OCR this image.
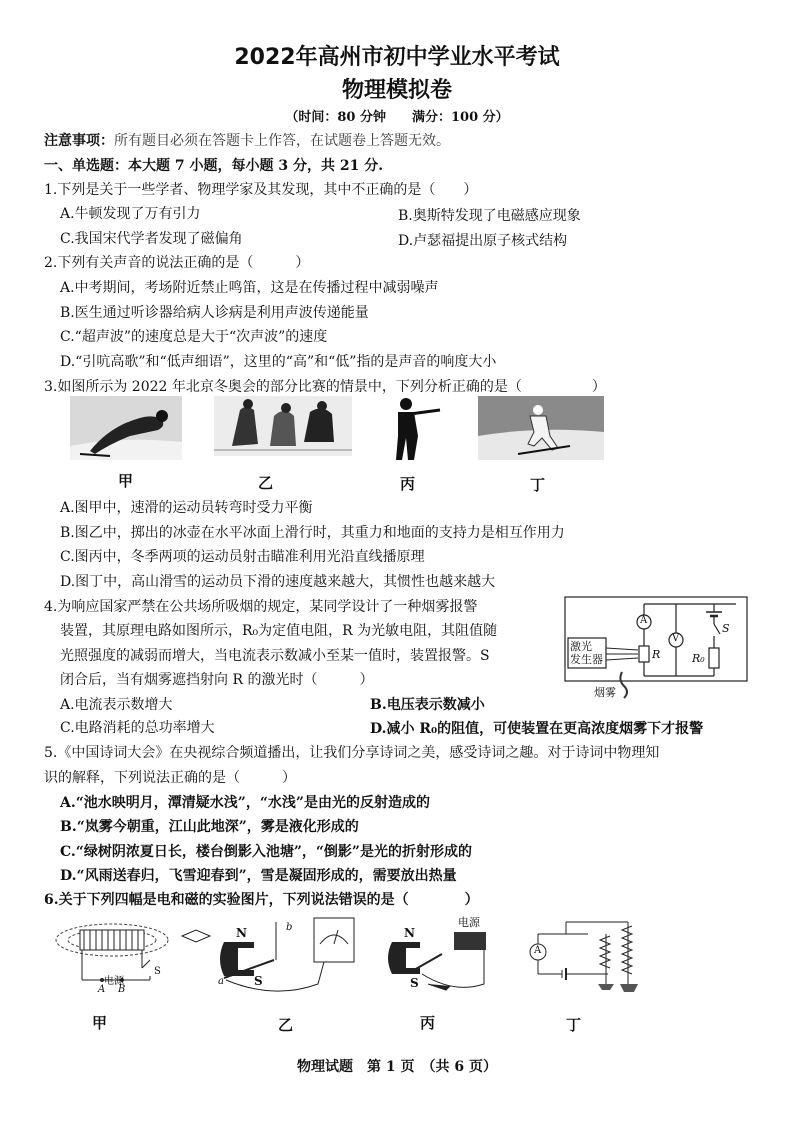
2022年高州市初中学业水平考试
物理模拟卷
（时间：80 分钟　　满分：100 分）
注意事项：所有题目必须在答题卡上作答，在试题卷上答题无效。
一、单选题：本大题 7 小题，每小题 3 分，共 21 分.
1.下列是关于一些学者、物理学家及其发现，其中不正确的是（　　）
A.牛顿发现了万有引力	B.奥斯特发现了电磁感应现象
C.我国宋代学者发现了磁偏角	D.卢瑟福提出原子核式结构
2.下列有关声音的说法正确的是（　　　）
A.中考期间，考场附近禁止鸣笛，这是在传播过程中减弱噪声
B.医生通过听诊器给病人诊病是利用声波传递能量
C.“超声波”的速度总是大于“次声波”的速度
D.“引吭高歌”和“低声细语”，这里的“高”和“低”指的是声音的响度大小
3.如图所示为 2022 年北京冬奥会的部分比赛的情景中，下列分析正确的是（　　　　　）
甲	乙	丙	丁
A.图甲中，速滑的运动员转弯时受力平衡
B.图乙中，掷出的冰壶在水平冰面上滑行时，其重力和地面的支持力是相互作用力
C.图丙中，冬季两项的运动员射击瞄准利用光沿直线播原理
D.图丁中，高山滑雪的运动员下滑的速度越来越大，其惯性也越来越大
4.为响应国家严禁在公共场所吸烟的规定，某同学设计了一种烟雾报警
装置，其原理电路如图所示，R₀为定值电阻，R 为光敏电阻，其阻值随
光照强度的减弱而增大，当电流表示数减小至某一值时，装置报警。S
闭合后，当有烟雾遮挡射向 R 的激光时（　　　）
A.电流表示数增大	B.电压表示数减小
C.电路消耗的总功率增大	D.减小 R₀的阻值，可使装置在更高浓度烟雾下才报警
激光
发生器
A
V
S
R	R₀
烟雾
5.《中国诗词大会》在央视综合频道播出，让我们分享诗词之美，感受诗词之趣。对于诗词中物理知
识的解释，下列说法正确的是（　　　）
A.“池水映明月，潭清疑水浅”，“水浅”是由光的反射造成的
B.“岚雾今朝重，江山此地深”，雾是液化形成的
C.“绿树阴浓夏日长，楼台倒影入池塘”，“倒影”是光的折射形成的
D.“风雨送春归，飞雪迎春到”，雪是凝固形成的，需要放出热量
6.关于下列四幅是电和磁的实验图片，下列说法错误的是（　　　　）
电源
A B
S
N
S
a
b	电源
N
S
A
甲	乙	丙	丁
物理试题　第 1 页　（共 6 页）
